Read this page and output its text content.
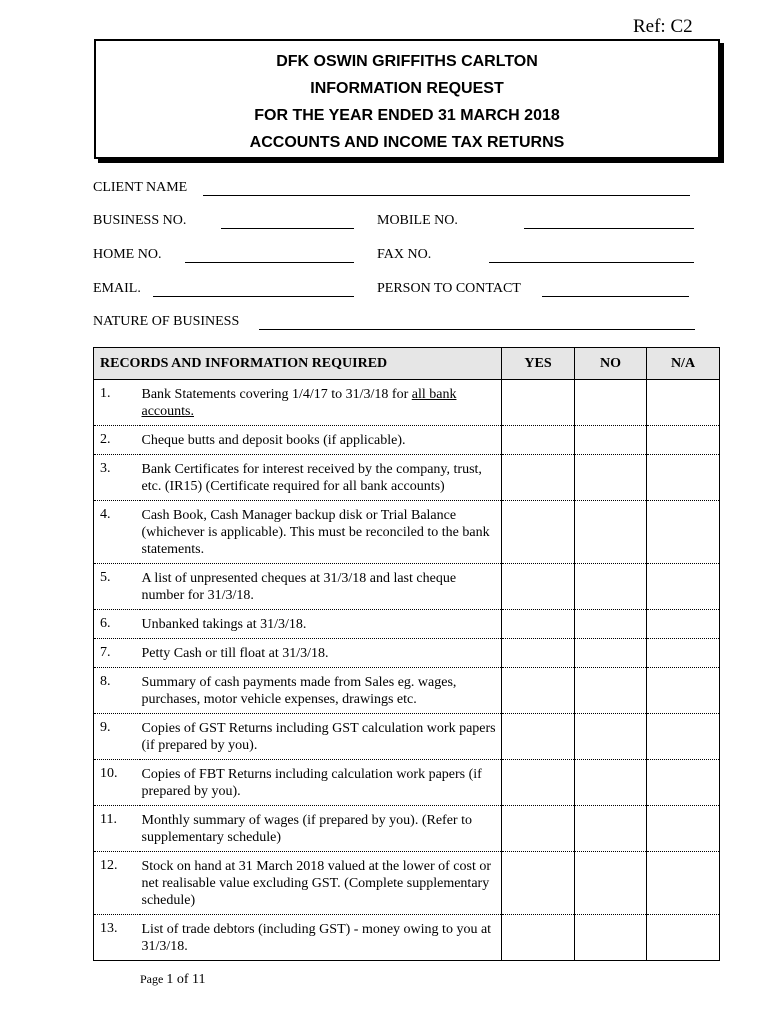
Ref: C2
DFK OSWIN GRIFFITHS CARLTON
INFORMATION REQUEST
FOR THE YEAR ENDED 31 MARCH 2018
ACCOUNTS AND INCOME TAX RETURNS
CLIENT NAME
BUSINESS NO.	MOBILE NO.
HOME NO.	FAX NO.
EMAIL.	PERSON TO CONTACT
NATURE OF BUSINESS
RECORDS AND INFORMATION REQUIRED		YES	NO	N/A
1.	Bank Statements covering 1/4/17 to 31/3/18 for all bank accounts.			
2.	Cheque butts and deposit books (if applicable).			
3.	Bank Certificates for interest received by the company, trust, etc. (IR15) (Certificate required for all bank accounts)			
4.	Cash Book, Cash Manager backup disk or Trial Balance (whichever is applicable). This must be reconciled to the bank statements.			
5.	A list of unpresented cheques at 31/3/18 and last cheque number for 31/3/18.			
6.	Unbanked takings at 31/3/18.			
7.	Petty Cash or till float at 31/3/18.			
8.	Summary of cash payments made from Sales eg. wages, purchases, motor vehicle expenses, drawings etc.			
9.	Copies of GST Returns including GST calculation work papers (if prepared by you).			
10.	Copies of FBT Returns including calculation work papers (if prepared by you).			
11.	Monthly summary of wages (if prepared by you). (Refer to supplementary schedule)			
12.	Stock on hand at 31 March 2018 valued at the lower of cost or net realisable value excluding GST. (Complete supplementary schedule)			
13.	List of trade debtors (including GST) - money owing to you at 31/3/18.			
Page 1 of 11
